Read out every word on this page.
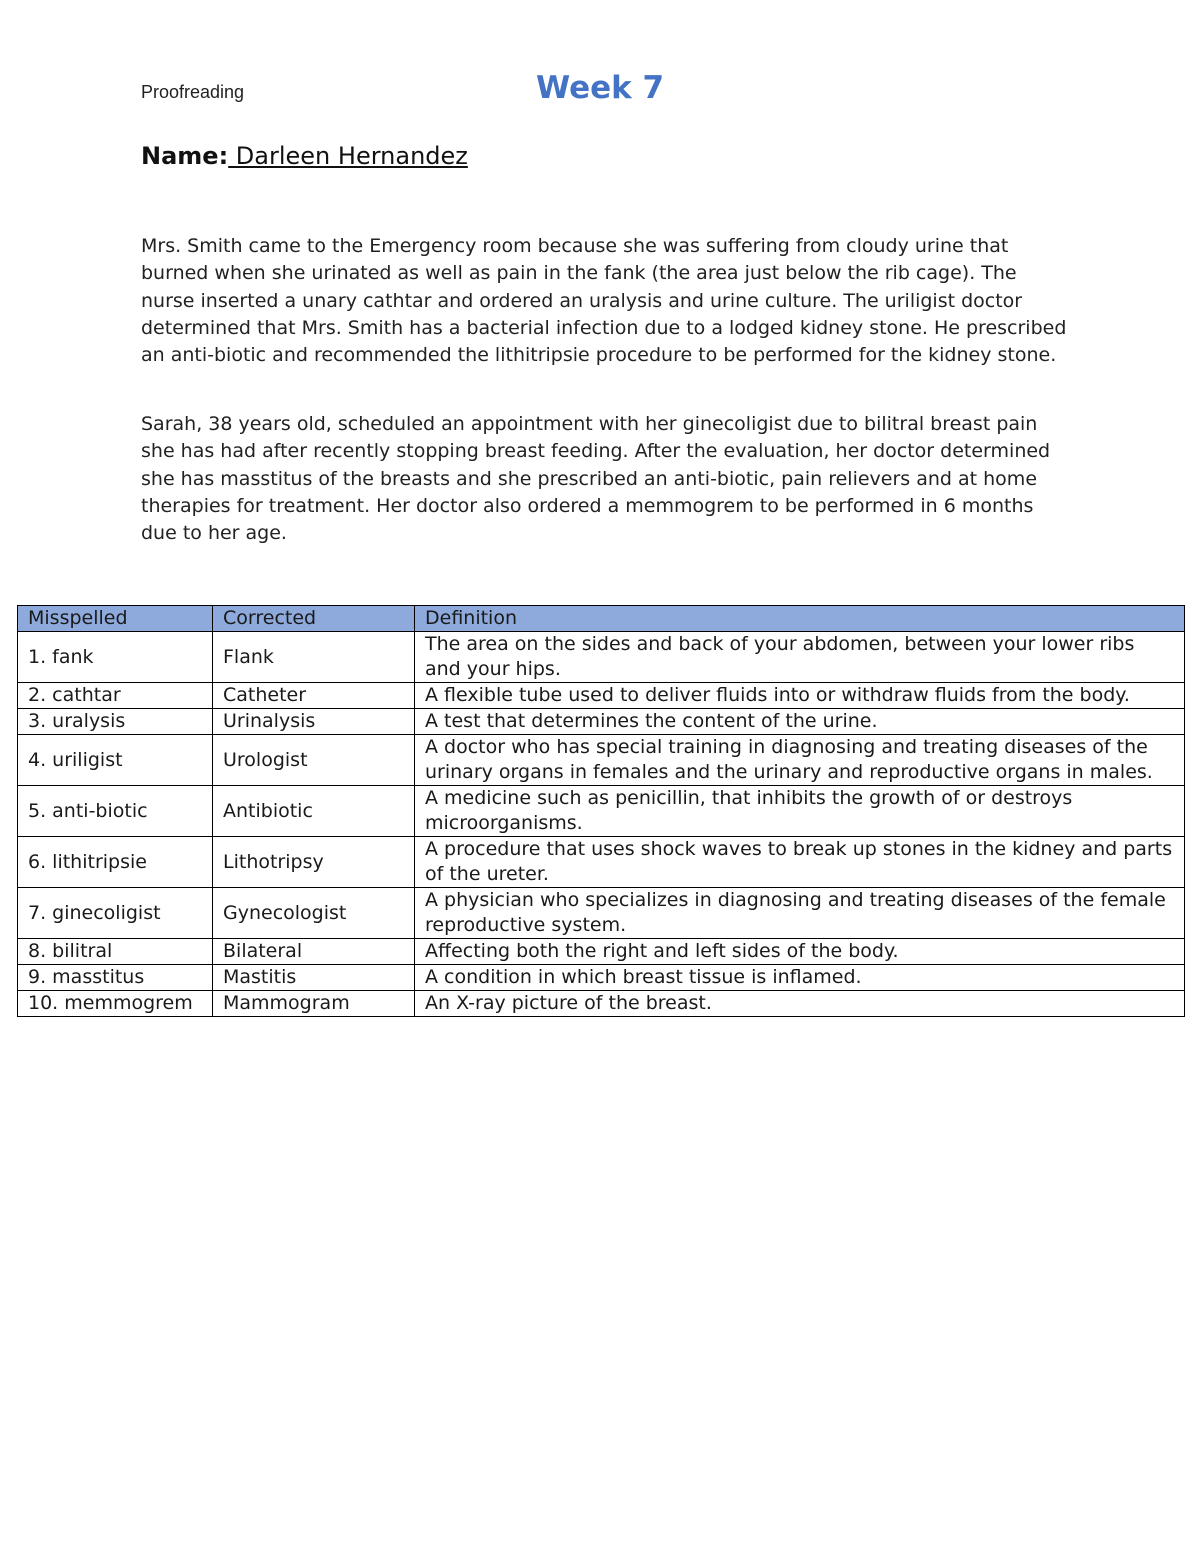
Proofreading	Week 7
Name: Darleen Hernandez

Mrs. Smith came to the Emergency room because she was suffering from cloudy urine that burned when she urinated as well as pain in the fank (the area just below the rib cage). The nurse inserted a unary cathtar and ordered an uralysis and urine culture. The uriligist doctor determined that Mrs. Smith has a bacterial infection due to a lodged kidney stone. He prescribed an anti-biotic and recommended the lithitripsie procedure to be performed for the kidney stone.

Sarah, 38 years old, scheduled an appointment with her ginecoligist due to bilitral breast pain she has had after recently stopping breast feeding. After the evaluation, her doctor determined she has masstitus of the breasts and she prescribed an anti-biotic, pain relievers and at home therapies for treatment. Her doctor also ordered a memmogrem to be performed in 6 months due to her age.

Misspelled	Corrected	Definition
1. fank	Flank	The area on the sides and back of your abdomen, between your lower ribs and your hips.
2. cathtar	Catheter	A flexible tube used to deliver fluids into or withdraw fluids from the body.
3. uralysis	Urinalysis	A test that determines the content of the urine.
4. uriligist	Urologist	A doctor who has special training in diagnosing and treating diseases of the urinary organs in females and the urinary and reproductive organs in males.
5. anti-biotic	Antibiotic	A medicine such as penicillin, that inhibits the growth of or destroys microorganisms.
6. lithitripsie	Lithotripsy	A procedure that uses shock waves to break up stones in the kidney and parts of the ureter.
7. ginecoligist	Gynecologist	A physician who specializes in diagnosing and treating diseases of the female reproductive system.
8. bilitral	Bilateral	Affecting both the right and left sides of the body.
9. masstitus	Mastitis	A condition in which breast tissue is inflamed.
10. memmogrem	Mammogram	An X-ray picture of the breast.
